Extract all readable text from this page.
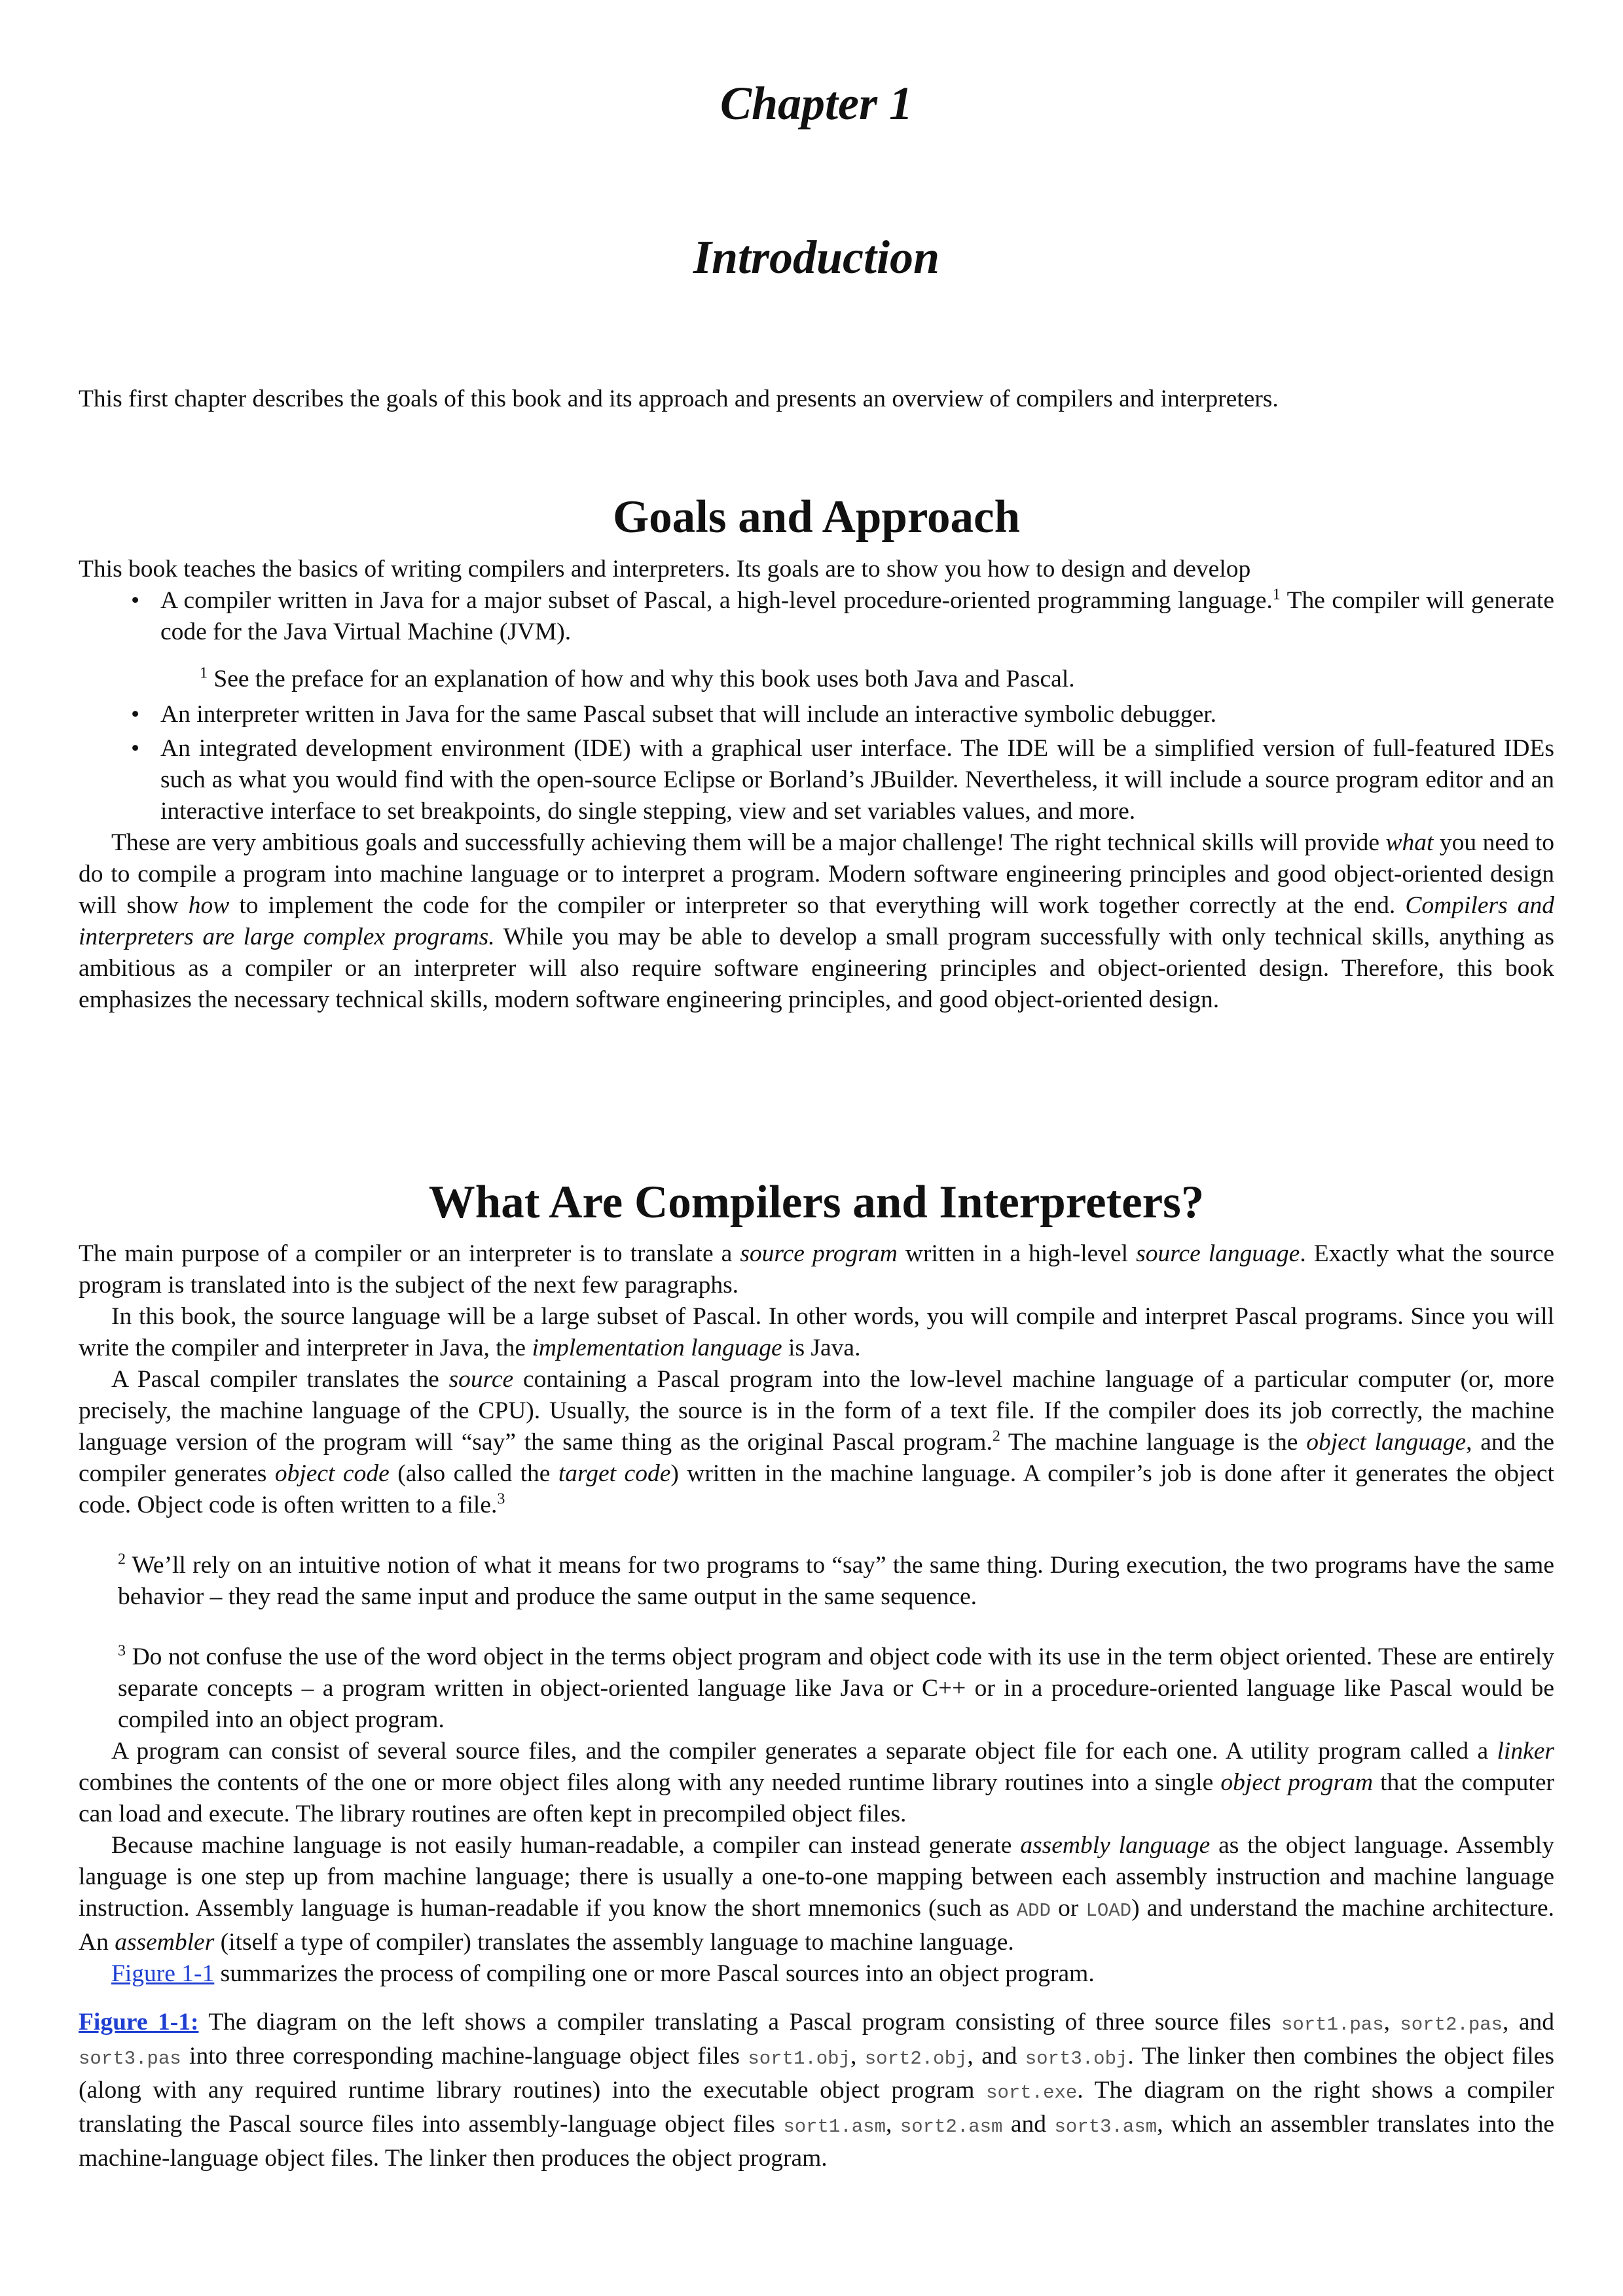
Chapter 1
Introduction

This first chapter describes the goals of this book and its approach and presents an overview of compilers and interpreters.

Goals and Approach

This book teaches the basics of writing compilers and interpreters. Its goals are to show you how to design and develop

• A compiler written in Java for a major subset of Pascal, a high-level procedure-oriented programming language.$^1$ The compiler will generate code for the Java Virtual Machine (JVM).

$^1$ See the preface for an explanation of how and why this book uses both Java and Pascal.

• An interpreter written in Java for the same Pascal subset that will include an interactive symbolic debugger.
• An integrated development environment (IDE) with a graphical user interface. The IDE will be a simplified version of full-featured IDEs such as what you would find with the open-source Eclipse or Borland’s JBuilder. Nevertheless, it will include a source program editor and an interactive interface to set breakpoints, do single stepping, view and set variables values, and more.

These are very ambitious goals and successfully achieving them will be a major challenge! The right technical skills will provide what you need to do to compile a program into machine language or to interpret a program. Modern software engineering principles and good object-oriented design will show how to implement the code for the compiler or interpreter so that everything will work together correctly at the end. Compilers and interpreters are large complex programs. While you may be able to develop a small program successfully with only technical skills, anything as ambitious as a compiler or an interpreter will also require software engineering principles and object-oriented design. Therefore, this book emphasizes the necessary technical skills, modern software engineering principles, and good object-oriented design.

What Are Compilers and Interpreters?

The main purpose of a compiler or an interpreter is to translate a source program written in a high-level source language. Exactly what the source program is translated into is the subject of the next few paragraphs.

In this book, the source language will be a large subset of Pascal. In other words, you will compile and interpret Pascal programs. Since you will write the compiler and interpreter in Java, the implementation language is Java.

A Pascal compiler translates the source containing a Pascal program into the low-level machine language of a particular computer (or, more precisely, the machine language of the CPU). Usually, the source is in the form of a text file. If the compiler does its job correctly, the machine language version of the program will “say” the same thing as the original Pascal program.$^2$ The machine language is the object language, and the compiler generates object code (also called the target code) written in the machine language. A compiler’s job is done after it generates the object code. Object code is often written to a file.$^3$

$^2$ We’ll rely on an intuitive notion of what it means for two programs to “say” the same thing. During execution, the two programs have the same behavior – they read the same input and produce the same output in the same sequence.

$^3$ Do not confuse the use of the word object in the terms object program and object code with its use in the term object oriented. These are entirely separate concepts – a program written in object-oriented language like Java or C++ or in a procedure-oriented language like Pascal would be compiled into an object program.

A program can consist of several source files, and the compiler generates a separate object file for each one. A utility program called a linker combines the contents of the one or more object files along with any needed runtime library routines into a single object program that the computer can load and execute. The library routines are often kept in precompiled object files.

Because machine language is not easily human-readable, a compiler can instead generate assembly language as the object language. Assembly language is one step up from machine language; there is usually a one-to-one mapping between each assembly instruction and machine language instruction. Assembly language is human-readable if you know the short mnemonics (such as ADD or LOAD) and understand the machine architecture. An assembler (itself a type of compiler) translates the assembly language to machine language.

Figure 1-1 summarizes the process of compiling one or more Pascal sources into an object program.

Figure 1-1: The diagram on the left shows a compiler translating a Pascal program consisting of three source files sort1.pas, sort2.pas, and sort3.pas into three corresponding machine-language object files sort1.obj, sort2.obj, and sort3.obj. The linker then combines the object files (along with any required runtime library routines) into the executable object program sort.exe. The diagram on the right shows a compiler translating the Pascal source files into assembly-language object files sort1.asm, sort2.asm and sort3.asm, which an assembler translates into the machine-language object files. The linker then produces the object program.
